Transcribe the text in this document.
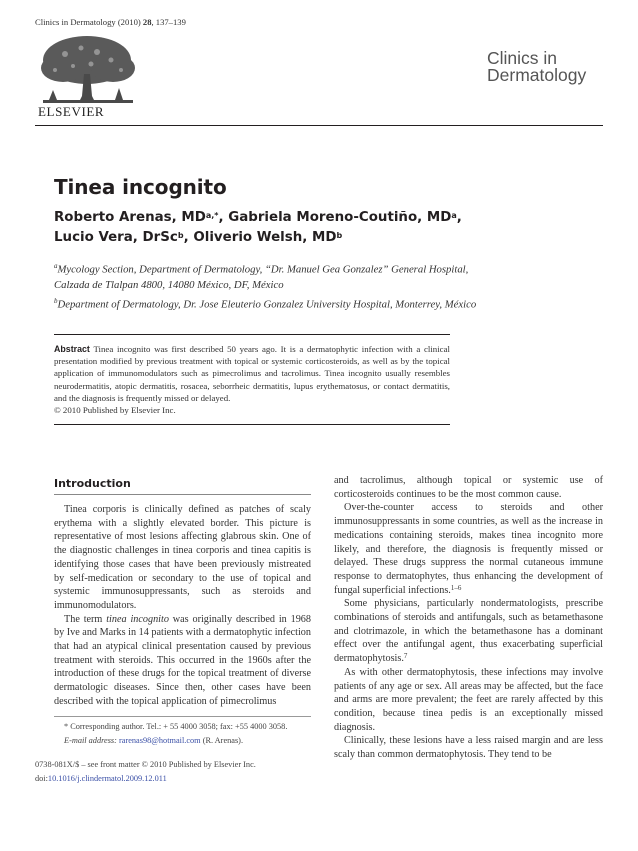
Clinics in Dermatology (2010) 28, 137–139
ELSEVIER
Clinics in
Dermatology
Tinea incognito
Roberto Arenas, $MD^{a,*}$, Gabriela Moreno-Coutiño, $MD^a$,
Lucio Vera, DrSc$^b$, Oliverio Welsh, $MD^b$
$^a$Mycology Section, Department of Dermatology, “Dr. Manuel Gea Gonzalez” General Hospital,
Calzada de Tlalpan 4800, 14080 México, DF, México
$^b$Department of Dermatology, Dr. Jose Eleuterio Gonzalez University Hospital, Monterrey, México
Abstract Tinea incognito was first described 50 years ago. It is a dermatophytic infection with a clinical presentation modified by previous treatment with topical or systemic corticosteroids, as well as by the topical application of immunomodulators such as pimecrolimus and tacrolimus. Tinea incognito usually resembles neurodermatitis, atopic dermatitis, rosacea, seborrheic dermatitis, lupus erythematosus, or contact dermatitis, and the diagnosis is frequently missed or delayed.
© 2010 Published by Elsevier Inc.
Introduction

Tinea corporis is clinically defined as patches of scaly erythema with a slightly elevated border. This picture is representative of most lesions affecting glabrous skin. One of the diagnostic challenges in tinea corporis and tinea capitis is identifying those cases that have been previously mistreated by self-medication or secondary to the use of topical and systemic immunosuppressants, such as steroids and immunomodulators.

The term tinea incognito was originally described in 1968 by Ive and Marks in 14 patients with a dermatophytic infection that had an atypical clinical presentation caused by previous treatment with steroids. This occurred in the 1960s after the introduction of these drugs for the topical treatment of diverse dermatologic diseases. Since then, other cases have been described with the topical application of pimecrolimus

* Corresponding author. Tel.: + 55 4000 3058; fax: +55 4000 3058.
E-mail address: rarenas98@hotmail.com (R. Arenas).
0738-081X/$ – see front matter © 2010 Published by Elsevier Inc.
doi:10.1016/j.clindermatol.2009.12.011

and tacrolimus, although topical or systemic use of corticosteroids continues to be the most common cause.

Over-the-counter access to steroids and other immunosuppressants in some countries, as well as the increase in medications containing steroids, makes tinea incognito more likely, and therefore, the diagnosis is frequently missed or delayed. These drugs suppress the normal cutaneous immune response to dermatophytes, thus enhancing the development of fungal superficial infections.$^{1-6}$

Some physicians, particularly nondermatologists, prescribe combinations of steroids and antifungals, such as betamethasone and clotrimazole, in which the betamethasone has a dominant effect over the antifungal agent, thus exacerbating superficial dermatophytosis.$^7$

As with other dermatophytosis, these infections may involve patients of any age or sex. All areas may be affected, but the face and arms are more prevalent; the feet are rarely affected by this condition, because tinea pedis is an exceptionally missed diagnosis.

Clinically, these lesions have a less raised margin and are less scaly than common dermatophytosis. They tend to be
